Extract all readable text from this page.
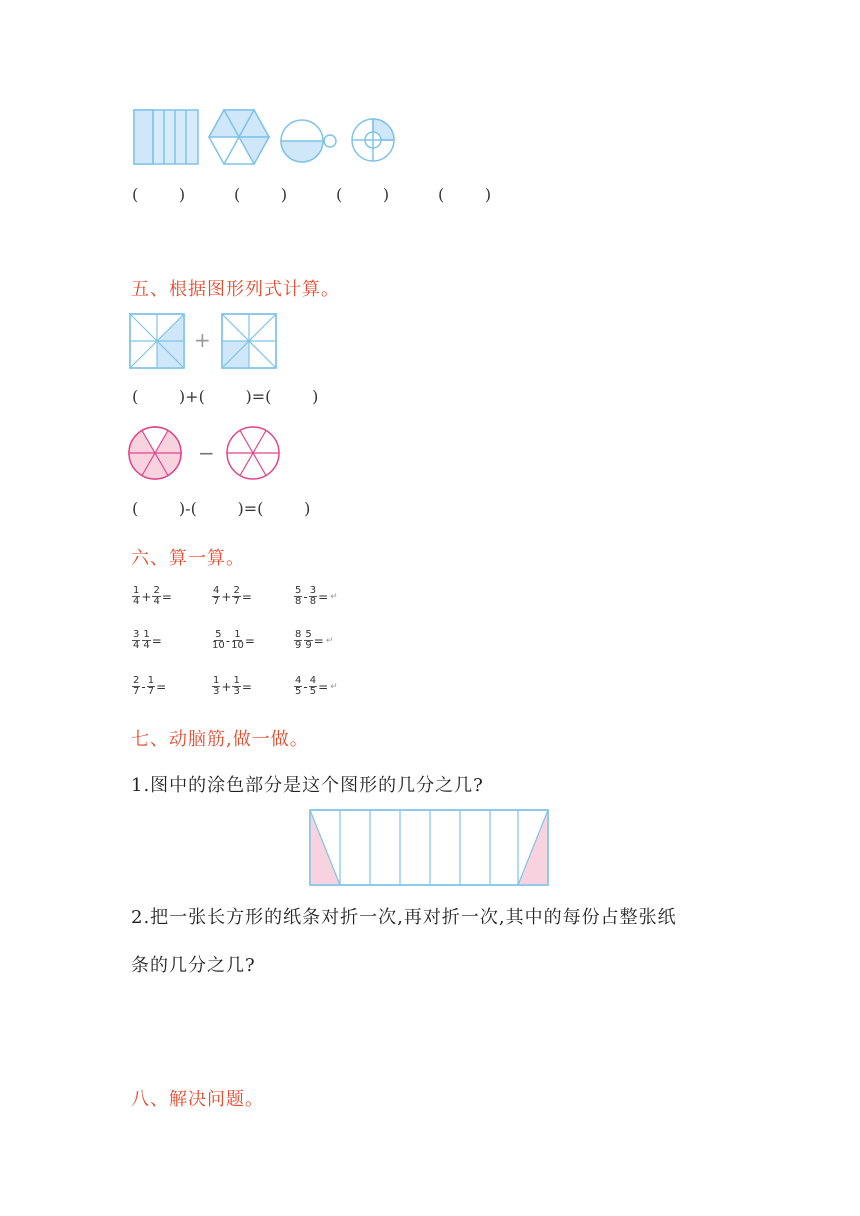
(        )	(        )	(        )	(        )
五、根据图形列式计算。
+
(        )+(        )=(        )
−
(        )-(        )=(        )
六、算一算。
$\frac{1}{4} + \frac{2}{4}$ =	$\frac{4}{7} + \frac{2}{7}$ =	$\frac{5}{8} - \frac{3}{8}$ = ↵
$\frac{3}{4} \frac{1}{4}$ =	$\frac{5}{10} - \frac{1}{10}$ =	$\frac{8}{9} \frac{5}{9}$ = ↵
$\frac{2}{7} - \frac{1}{7}$ =	$\frac{1}{3} + \frac{1}{3}$ =	$\frac{4}{5} - \frac{4}{5}$ = ↵
七、动脑筋,做一做。
1.图中的涂色部分是这个图形的几分之几?
2.把一张长方形的纸条对折一次,再对折一次,其中的每份占整张纸
条的几分之几?
八、解决问题。
